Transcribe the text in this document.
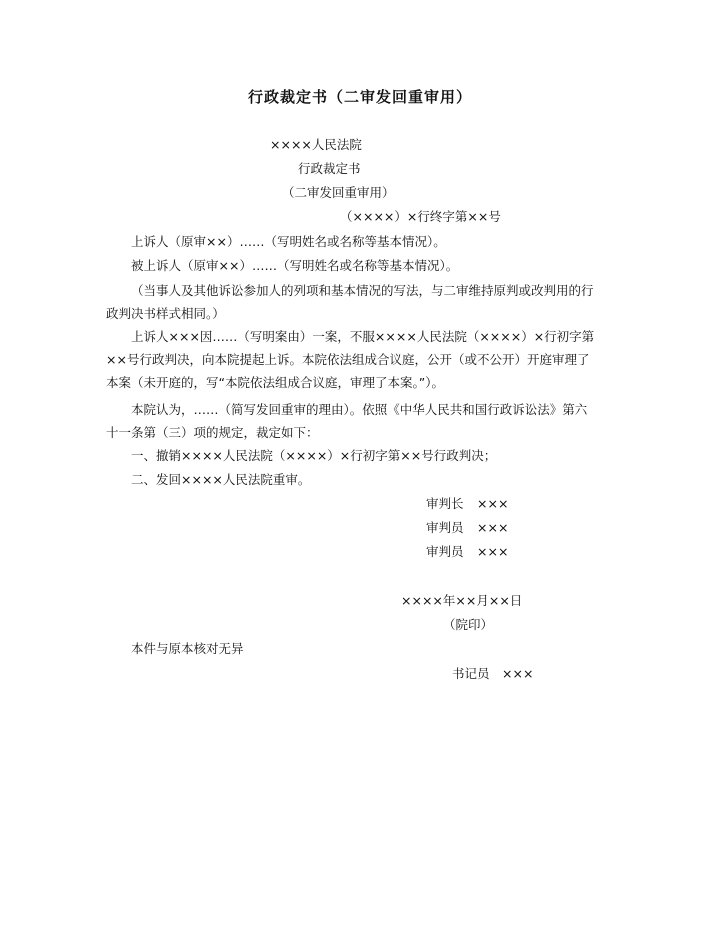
行政裁定书（二审发回重审用）
××××人民法院
行政裁定书
（二审发回重审用）
（××××）×行终字第××号
上诉人（原审××）……（写明姓名或名称等基本情况）。
被上诉人（原审××）……（写明姓名或名称等基本情况）。
（当事人及其他诉讼参加人的列项和基本情况的写法，与二审维持原判或改判用的行政判决书样式相同。）
上诉人×××因……（写明案由）一案，不服××××人民法院（××××）×行初字第××号行政判决，向本院提起上诉。本院依法组成合议庭，公开（或不公开）开庭审理了本案（未开庭的，写“本院依法组成合议庭，审理了本案。”）。
本院认为，……（简写发回重审的理由）。依照《中华人民共和国行政诉讼法》第六十一条第（三）项的规定，裁定如下：
一、撤销××××人民法院（××××）×行初字第××号行政判决；
二、发回××××人民法院重审。
审判长 ×××
审判员 ×××
审判员 ×××
××××年××月××日
（院印）
本件与原本核对无异
书记员 ×××
